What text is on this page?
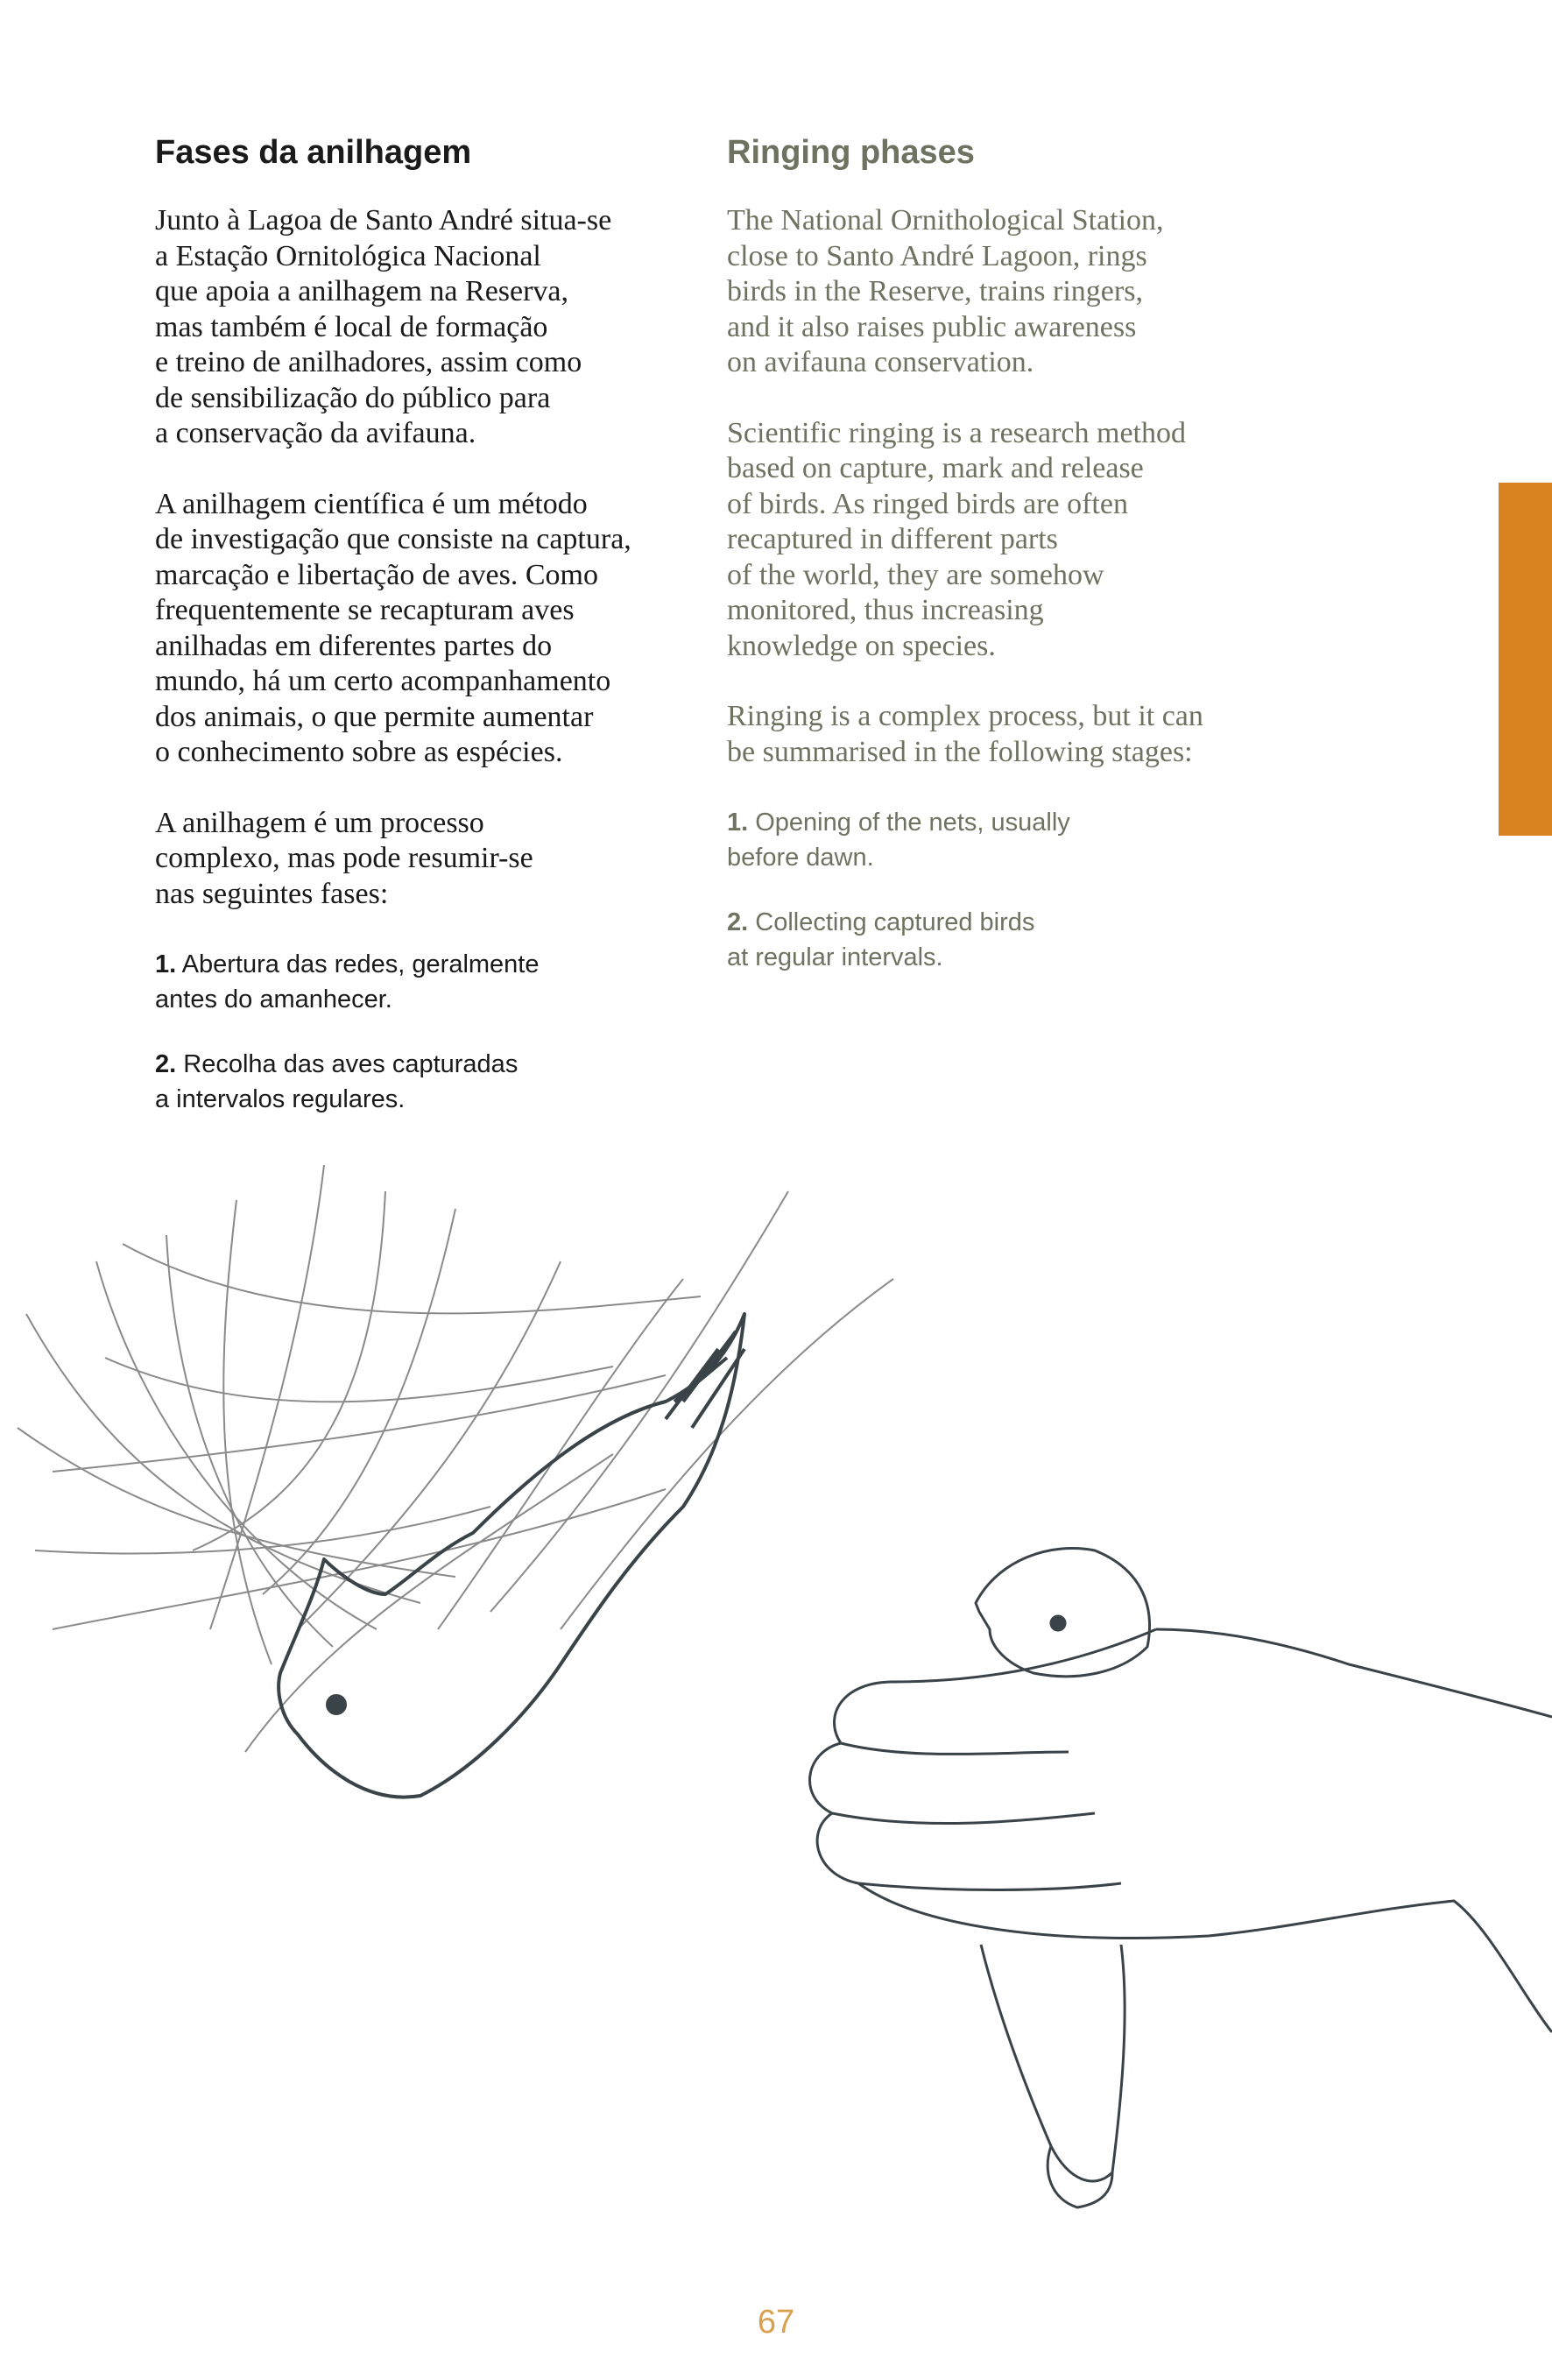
Fases da anilhagem

Junto à Lagoa de Santo André situa-se
a Estação Ornitológica Nacional
que apoia a anilhagem na Reserva,
mas também é local de formação
e treino de anilhadores, assim como
de sensibilização do público para
a conservação da avifauna.

A anilhagem científica é um método
de investigação que consiste na captura,
marcação e libertação de aves. Como
frequentemente se recapturam aves
anilhadas em diferentes partes do
mundo, há um certo acompanhamento
dos animais, o que permite aumentar
o conhecimento sobre as espécies.

A anilhagem é um processo
complexo, mas pode resumir-se
nas seguintes fases:

1. Abertura das redes, geralmente
antes do amanhecer.
2. Recolha das aves capturadas
a intervalos regulares.
Ringing phases

The National Ornithological Station,
close to Santo André Lagoon, rings
birds in the Reserve, trains ringers,
and it also raises public awareness
on avifauna conservation.

Scientific ringing is a research method
based on capture, mark and release
of birds. As ringed birds are often
recaptured in different parts
of the world, they are somehow
monitored, thus increasing
knowledge on species.

Ringing is a complex process, but it can
be summarised in the following stages:

1. Opening of the nets, usually
before dawn.
2. Collecting captured birds
at regular intervals.
67
